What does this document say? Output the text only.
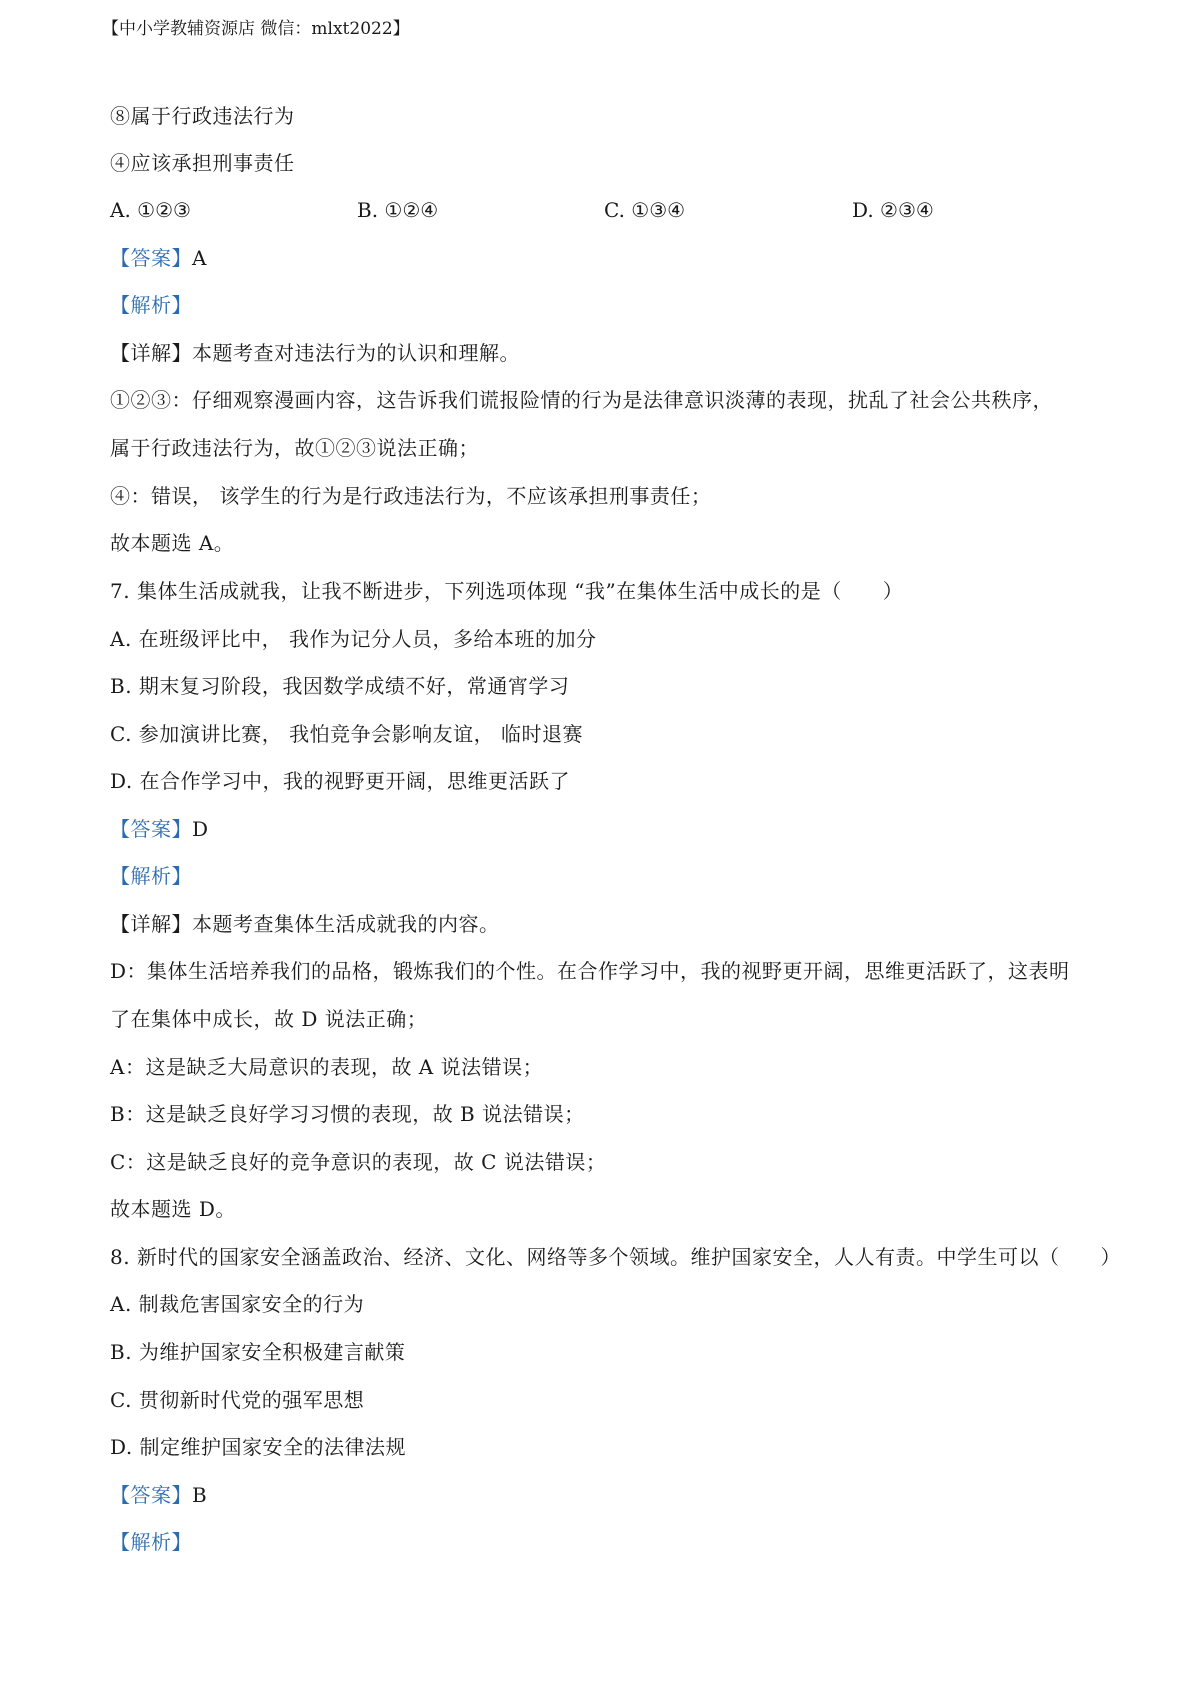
【中小学教辅资源店 微信：mlxt2022】
⑧属于行政违法行为
④应该承担刑事责任
A. ①②③	B. ①②④	C. ①③④	D. ②③④
【答案】A
【解析】
【详解】本题考查对违法行为的认识和理解。
①②③：仔细观察漫画内容，这告诉我们谎报险情的行为是法律意识淡薄的表现，扰乱了社会公共秩序，
属于行政违法行为，故①②③说法正确；
④：错误， 该学生的行为是行政违法行为，不应该承担刑事责任；
故本题选 A。
7. 集体生活成就我，让我不断进步，下列选项体现 “我”在集体生活中成长的是（　　）
A. 在班级评比中， 我作为记分人员，多给本班的加分
B. 期末复习阶段，我因数学成绩不好，常通宵学习
C. 参加演讲比赛， 我怕竞争会影响友谊， 临时退赛
D. 在合作学习中，我的视野更开阔，思维更活跃了
【答案】D
【解析】
【详解】本题考查集体生活成就我的内容。
D：集体生活培养我们的品格，锻炼我们的个性。在合作学习中，我的视野更开阔，思维更活跃了，这表明
了在集体中成长，故 D 说法正确；
A：这是缺乏大局意识的表现，故 A 说法错误；
B：这是缺乏良好学习习惯的表现，故 B 说法错误；
C：这是缺乏良好的竞争意识的表现，故 C 说法错误；
故本题选 D。
8. 新时代的国家安全涵盖政治、经济、文化、网络等多个领域。维护国家安全，人人有责。中学生可以（　　）
A. 制裁危害国家安全的行为
B. 为维护国家安全积极建言献策
C. 贯彻新时代党的强军思想
D. 制定维护国家安全的法律法规
【答案】B
【解析】
